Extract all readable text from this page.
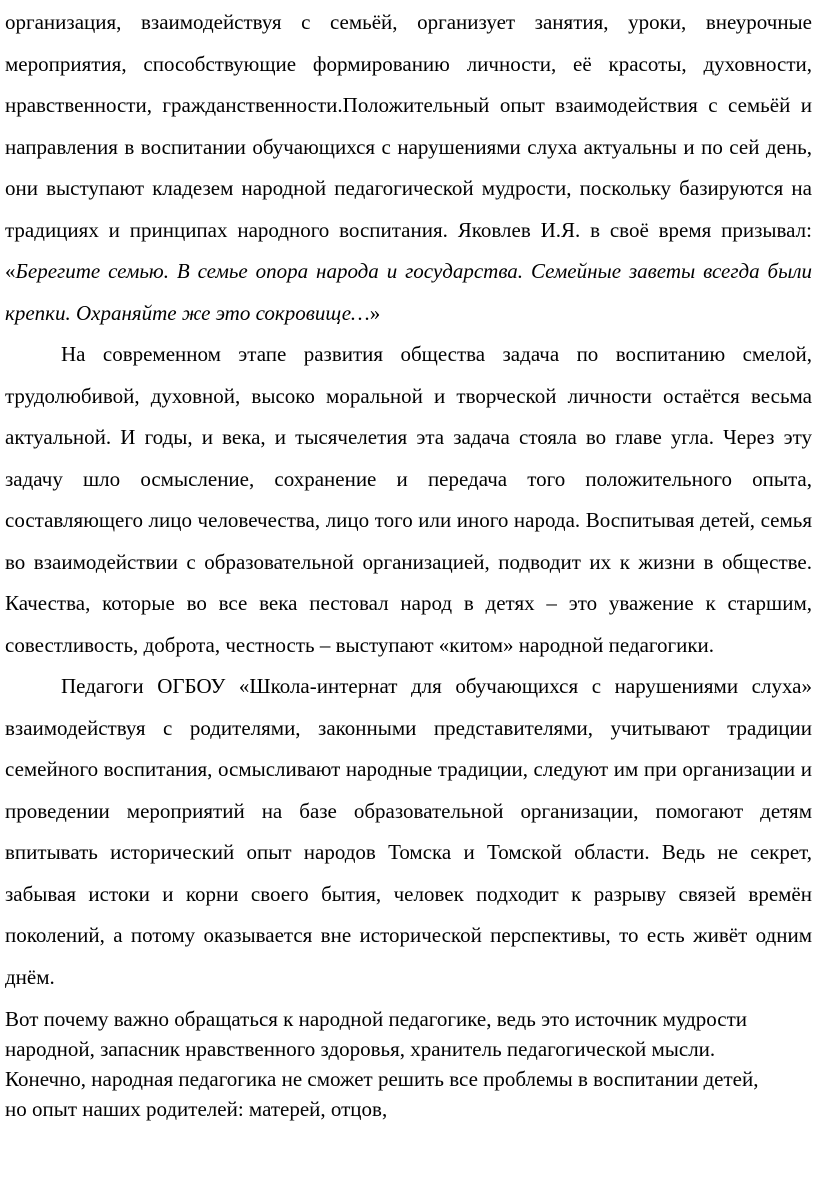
организация, взаимодействуя с семьёй, организует занятия, уроки, внеурочные мероприятия, способствующие формированию личности, её красоты, духовности, нравственности, гражданственности.Положительный опыт взаимодействия с семьёй и направления в воспитании обучающихся с нарушениями слуха актуальны и по сей день, они выступают кладезем народной педагогической мудрости, поскольку базируются на традициях и принципах народного воспитания. Яковлев И.Я. в своё время призывал: «Берегите семью. В семье опора народа и государства. Семейные заветы всегда были крепки. Охраняйте же это сокровище…»

На современном этапе развития общества задача по воспитанию смелой, трудолюбивой, духовной, высоко моральной и творческой личности остаётся весьма актуальной. И годы, и века, и тысячелетия эта задача стояла во главе угла. Через эту задачу шло осмысление, сохранение и передача того положительного опыта, составляющего лицо человечества, лицо того или иного народа. Воспитывая детей, семья во взаимодействии с образовательной организацией, подводит их к жизни в обществе. Качества, которые во все века пестовал народ в детях – это уважение к старшим, совестливость, доброта, честность – выступают «китом» народной педагогики.

Педагоги ОГБОУ «Школа-интернат для обучающихся с нарушениями слуха» взаимодействуя с родителями, законными представителями, учитывают традиции семейного воспитания, осмысливают народные традиции, следуют им при организации и проведении мероприятий на базе образовательной организации, помогают детям впитывать исторический опыт народов Томска и Томской области. Ведь не секрет, забывая истоки и корни своего бытия, человек подходит к разрыву связей времён поколений, а потому оказывается вне исторической перспективы, то есть живёт одним днём.

Вот почему важно обращаться к народной педагогике, ведь это источник мудрости народной, запасник нравственного здоровья, хранитель педагогической мысли. Конечно, народная педагогика не сможет решить все проблемы в воспитании детей, но опыт наших родителей: матерей, отцов,
